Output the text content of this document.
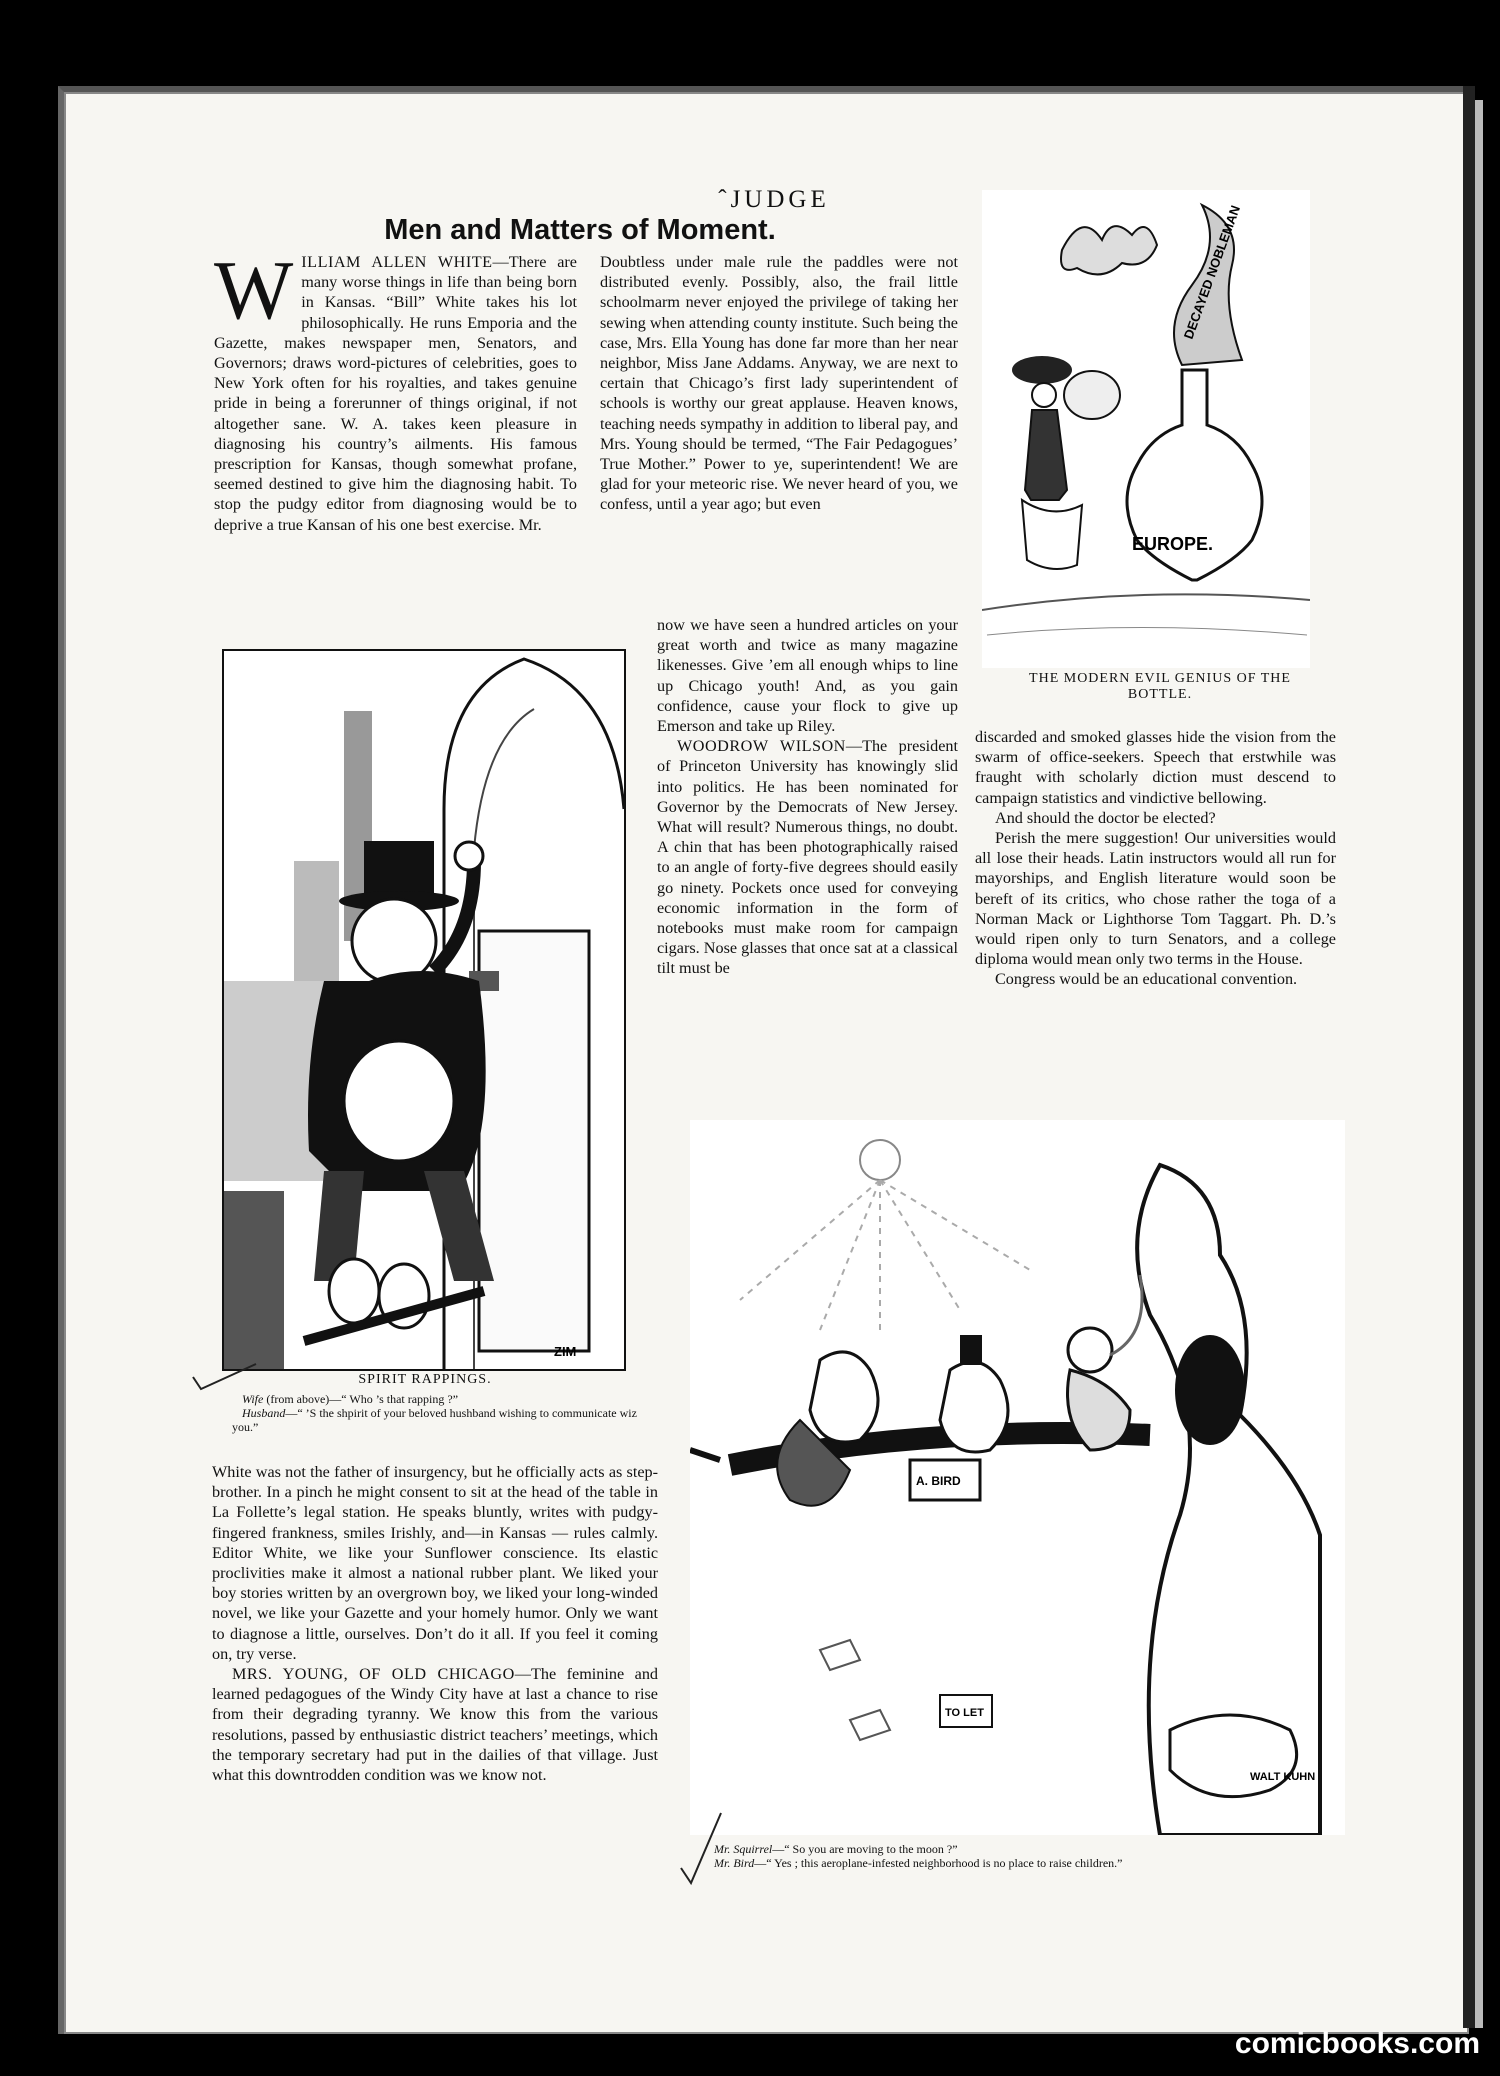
ˆJUDGE
Men and Matters of Moment.

W ILLIAM ALLEN WHITE—There are many worse things in life than being born in Kansas. “Bill” White takes his lot philosophically. He runs Emporia and the Gazette, makes newspaper men, Senators, and Governors; draws word-pictures of celebrities, goes to New York often for his royalties, and takes genuine pride in being a forerunner of things original, if not altogether sane. W. A. takes keen pleasure in diagnosing his country’s ailments. His famous prescription for Kansas, though somewhat profane, seemed destined to give him the diagnosing habit. To stop the pudgy editor from diagnosing would be to deprive a true Kansan of his one best exercise. Mr.

Doubtless under male rule the paddles were not distributed evenly. Possibly, also, the frail little schoolmarm never enjoyed the privilege of taking her sewing when attending county institute. Such being the case, Mrs. Ella Young has done far more than her near neighbor, Miss Jane Addams. Anyway, we are next to certain that Chicago’s first lady superintendent of schools is worthy our great applause. Heaven knows, teaching needs sympathy in addition to liberal pay, and Mrs. Young should be termed, “The Fair Pedagogues’ True Mother.” Power to ye, superintendent! We are glad for your meteoric rise. We never heard of you, we confess, until a year ago; but even

now we have seen a hundred articles on your great worth and twice as many magazine likenesses. Give ’em all enough whips to line up Chicago youth! And, as you gain confidence, cause your flock to give up Emerson and take up Riley.

WOODROW WILSON—The president of Princeton University has knowingly slid into politics. He has been nominated for Governor by the Democrats of New Jersey. What will result? Numerous things, no doubt. A chin that has been photographically raised to an angle of forty-five degrees should easily go ninety. Pockets once used for conveying economic information in the form of notebooks must make room for campaign cigars. Nose glasses that once sat at a classical tilt must be

discarded and smoked glasses hide the vision from the swarm of office-seekers. Speech that erstwhile was fraught with scholarly diction must descend to campaign statistics and vindictive bellowing.

And should the doctor be elected?

Perish the mere suggestion! Our universities would all lose their heads. Latin instructors would all run for mayorships, and English literature would soon be bereft of its critics, who chose rather the toga of a Norman Mack or Lighthorse Tom Taggart. Ph. D.’s would ripen only to turn Senators, and a college diploma would mean only two terms in the House.

Congress would be an educational convention.

White was not the father of insurgency, but he officially acts as step-brother. In a pinch he might consent to sit at the head of the table in La Follette’s legal station. He speaks bluntly, writes with pudgy-fingered frankness, smiles Irishly, and—in Kansas — rules calmly. Editor White, we like your Sunflower conscience. Its elastic proclivities make it almost a national rubber plant. We liked your boy stories written by an overgrown boy, we liked your long-winded novel, we like your Gazette and your homely humor. Only we want to diagnose a little, ourselves. Don’t do it all. If you feel it coming on, try verse.

MRS. YOUNG, OF OLD CHICAGO—The feminine and learned pedagogues of the Windy City have at last a chance to rise from their degrading tyranny. We know this from the various resolutions, passed by enthusiastic district teachers’ meetings, which the temporary secretary had put in the dailies of that village. Just what this downtrodden condition was we know not.

EUROPE.
DECAYED NOBLEMAN
THE MODERN EVIL GENIUS OF THE BOTTLE.
ZIM
SPIRIT RAPPINGS.
Wife (from above)—“ Who ’s that rapping ?”
Husband—“ ’S the shpirit of your beloved hushband wishing to communicate wiz you.”
A. BIRD
TO LET
WALT KUHN
Mr. Squirrel—“ So you are moving to the moon ?”
Mr. Bird—“ Yes ; this aeroplane-infested neighborhood is no place to raise children.”
comicbooks.com
